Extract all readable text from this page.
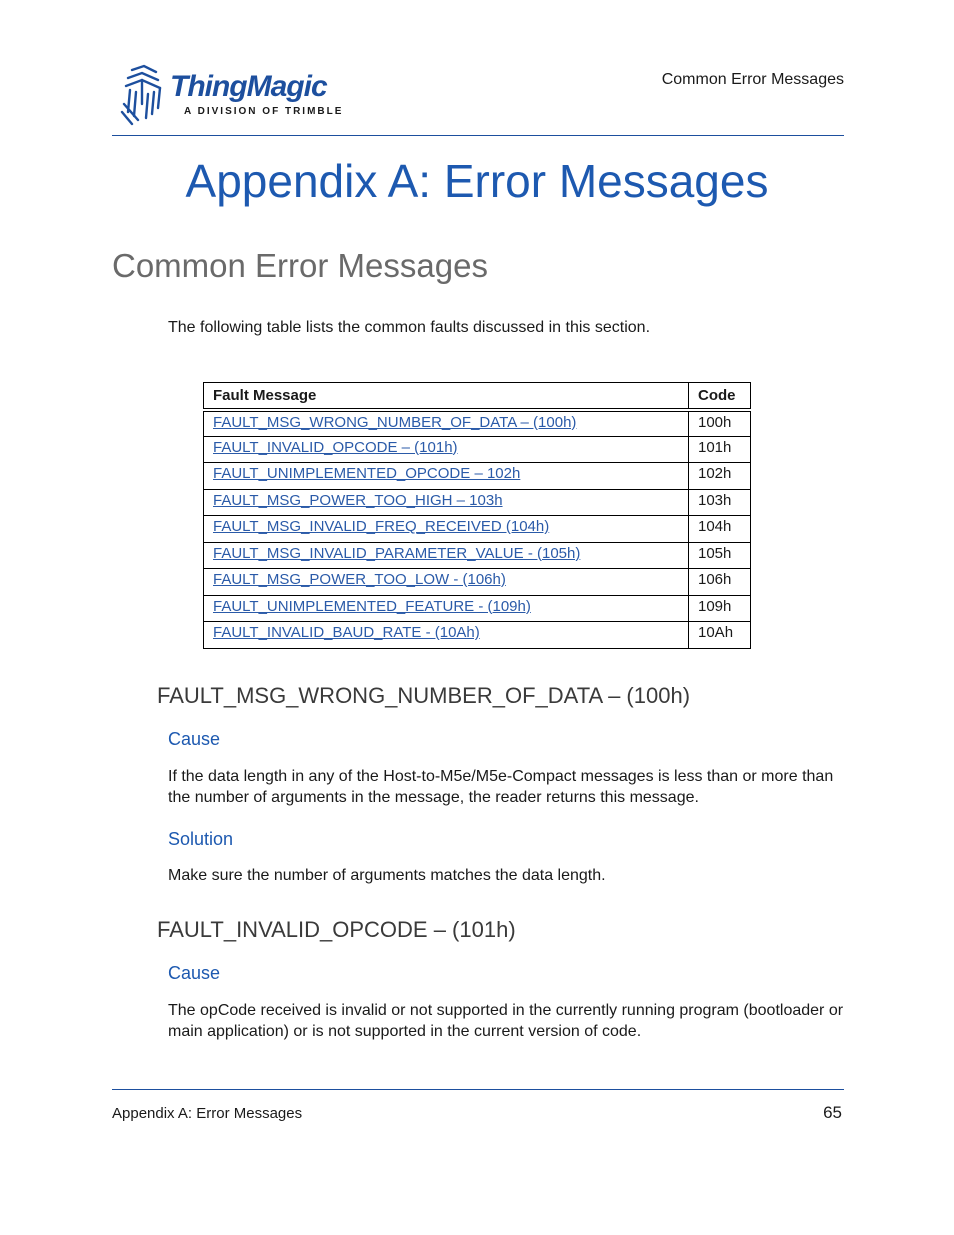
ThingMagic
A DIVISION OF TRIMBLE
Common Error Messages
Appendix A: Error Messages
Common Error Messages

The following table lists the common faults discussed in this section.

Fault Message	Code
FAULT_MSG_WRONG_NUMBER_OF_DATA – (100h)	100h
FAULT_INVALID_OPCODE – (101h)	101h
FAULT_UNIMPLEMENTED_OPCODE – 102h	102h
FAULT_MSG_POWER_TOO_HIGH – 103h	103h
FAULT_MSG_INVALID_FREQ_RECEIVED (104h)	104h
FAULT_MSG_INVALID_PARAMETER_VALUE - (105h)	105h
FAULT_MSG_POWER_TOO_LOW - (106h)	106h
FAULT_UNIMPLEMENTED_FEATURE - (109h)	109h
FAULT_INVALID_BAUD_RATE - (10Ah)	10Ah
FAULT_MSG_WRONG_NUMBER_OF_DATA – (100h)
Cause

If the data length in any of the Host-to-M5e/M5e-Compact messages is less than or more than the number of arguments in the message, the reader returns this message.

Solution

Make sure the number of arguments matches the data length.

FAULT_INVALID_OPCODE – (101h)
Cause

The opCode received is invalid or not supported in the currently running program (bootloader or main application) or is not supported in the current version of code.

Appendix A: Error Messages	65
